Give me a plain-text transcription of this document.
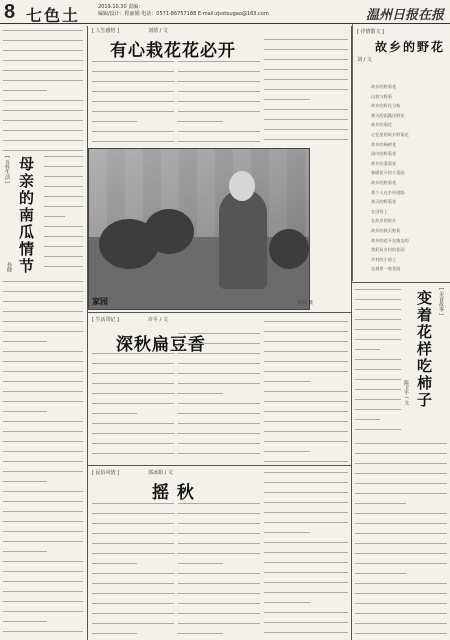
8 七色土	2019.10.30 责编：
编辑/设计：程丽娟 电话：0571-86757188 E-mail:zjsstougao@163.com	温州日报在报
[ 百姓生活 ] 母亲的南瓜情节
孙健
[ 人生感悟 ]	刘倩 / 文
有心栽花花必开
家园	叶凯 摄
[ 抒情散文 ]
刘 / 文
故乡的野花
故乡的野菊花
山坡与野菊
故乡的野花与秋
春天的雨露田野花
故乡的菊花
记忆里的故乡野菊花
故乡的杨树花
雨中的野菊花
故乡的菜菊花
春暖花开的小菜园
故乡的野菊花
那个人在乡村道路
春天的野菊花
在田野上
在故乡的故乡
故乡的秋天野菊
故乡的花开在路边的
我们从乡村的花园
乡村的小道上
在城里一座花园
[ 生活印记 ]	许平 / 文
深秋扁豆香
[ 美食故事 ]
变着花样吃柿子
陈卫平 / 文
[ 民俗风情 ]	郭冰娟 / 文
摇 秋
